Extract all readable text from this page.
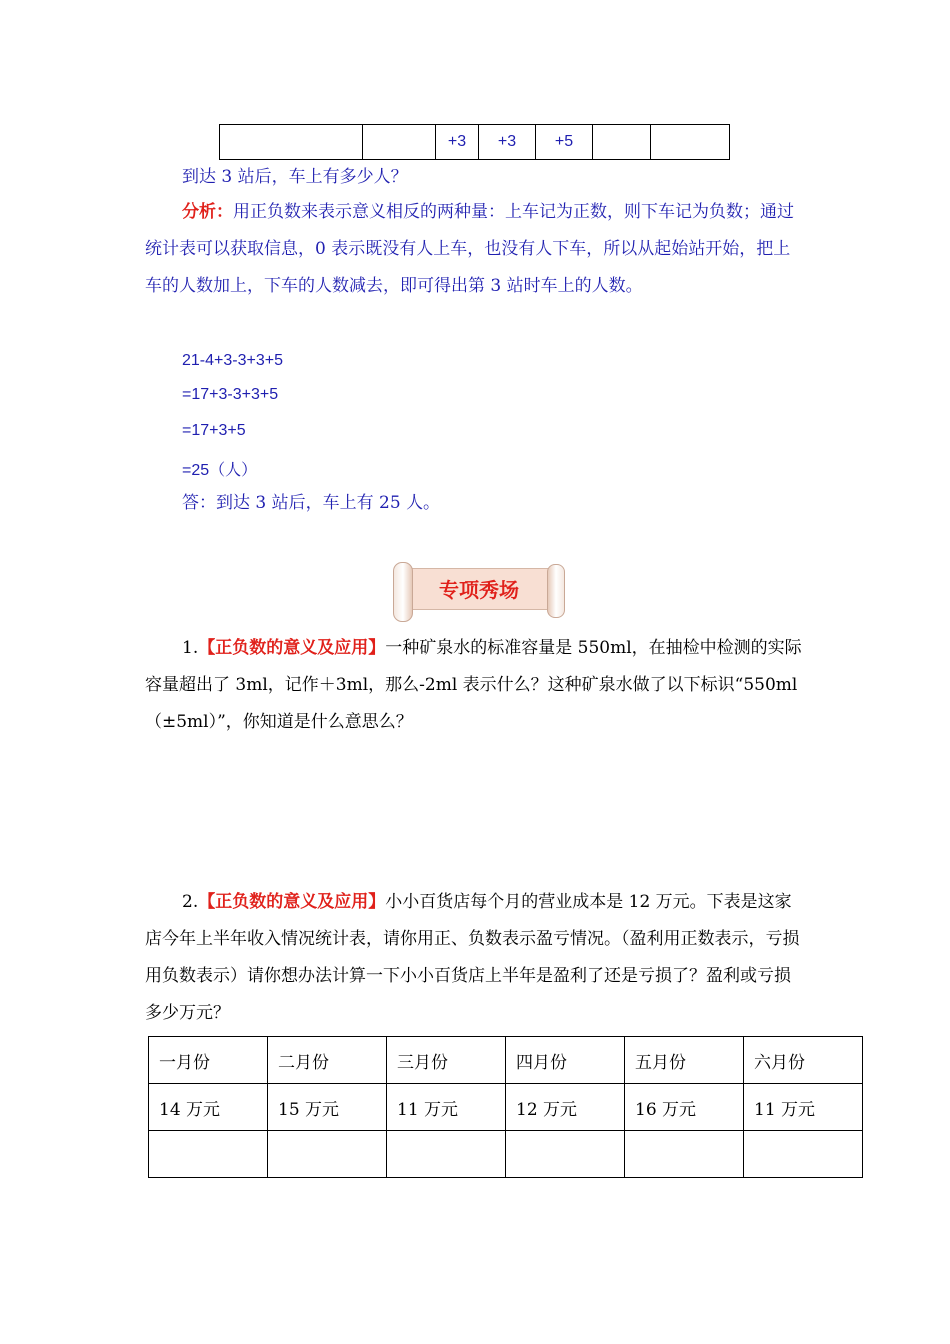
		+3	+3	+5		
到达 3 站后，车上有多少人？
分析：用正负数来表示意义相反的两种量：上车记为正数，则下车记为负数；通过统计表可以获取信息，0 表示既没有人上车，也没有人下车，所以从起始站开始，把上车的人数加上，下车的人数减去，即可得出第 3 站时车上的人数。
21-4+3-3+3+5
=17+3-3+3+5
=17+3+5
=25（人）
答：到达 3 站后，车上有 25 人。
专项秀场
1.【正负数的意义及应用】一种矿泉水的标准容量是 550ml，在抽检中检测的实际容量超出了 3ml，记作＋3ml，那么-2ml 表示什么？这种矿泉水做了以下标识“550ml（±5ml）”，你知道是什么意思么？
2.【正负数的意义及应用】小小百货店每个月的营业成本是 12 万元。下表是这家店今年上半年收入情况统计表，请你用正、负数表示盈亏情况。（盈利用正数表示，亏损用负数表示）请你想办法计算一下小小百货店上半年是盈利了还是亏损了？盈利或亏损多少万元？
一月份	二月份	三月份	四月份	五月份	六月份
14 万元	15 万元	11 万元	12 万元	16 万元	11 万元
